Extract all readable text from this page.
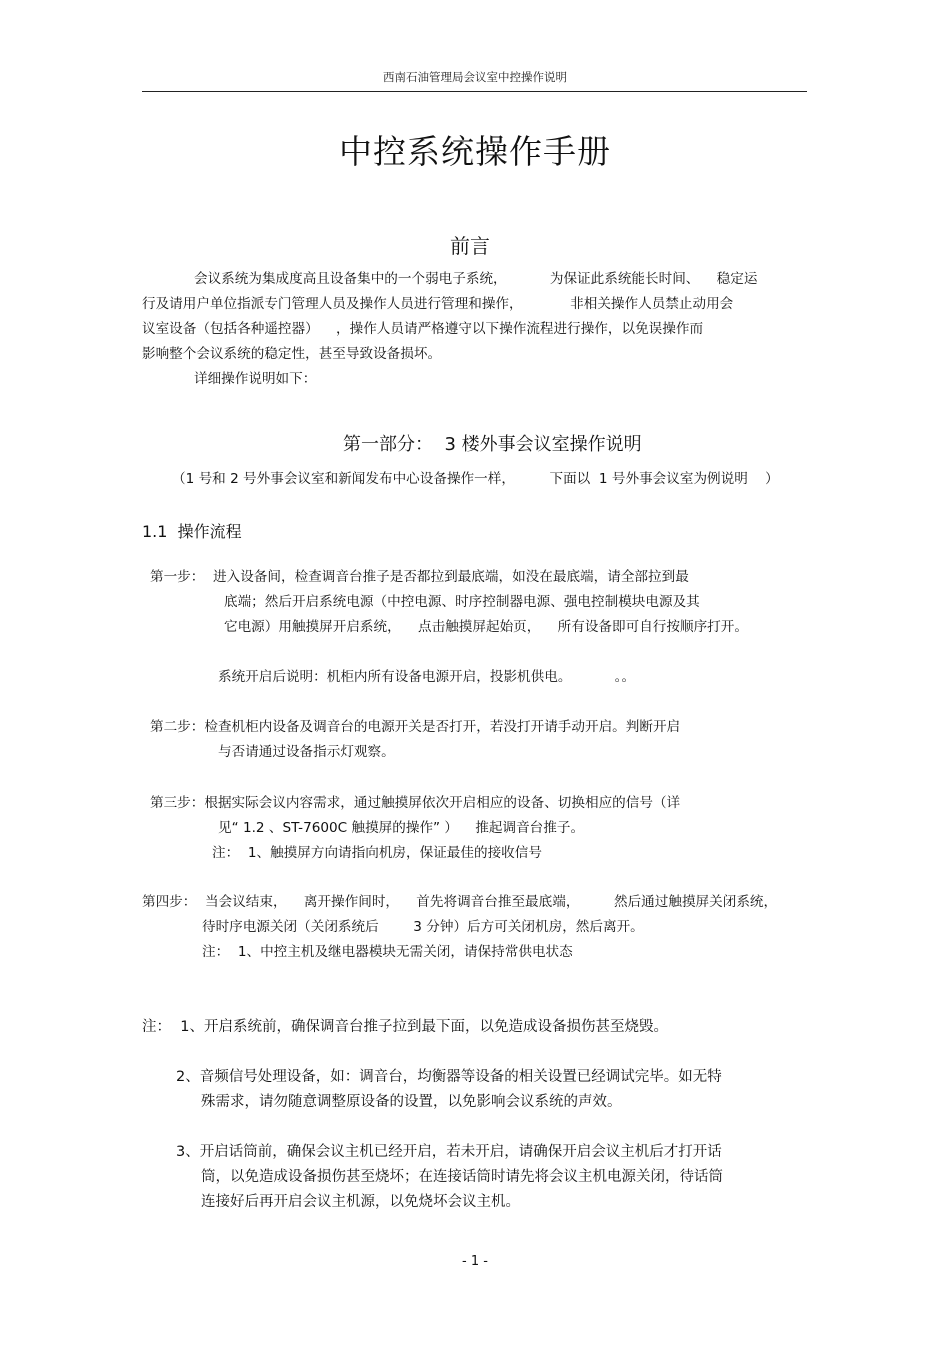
西南石油管理局会议室中控操作说明
中控系统操作手册
前言
会议系统为集成度高且设备集中的一个弱电子系统，          为保证此系统能长时间、    稳定运
行及请用户单位指派专门管理人员及操作人员进行管理和操作，           非相关操作人员禁止动用会
议室设备（包括各种遥控器）    ，操作人员请严格遵守以下操作流程进行操作，以免误操作而
影响整个会议系统的稳定性，甚至导致设备损坏。
详细操作说明如下：
第一部分：  3 楼外事会议室操作说明
（1 号和 2 号外事会议室和新闻发布中心设备操作一样，        下面以  1 号外事会议室为例说明    ）
1.1  操作流程
第一步：  进入设备间，检查调音台推子是否都拉到最底端，如没在最底端，请全部拉到最
底端；然后开启系统电源（中控电源、时序控制器电源、强电控制模块电源及其
它电源）用触摸屏开启系统，    点击触摸屏起始页，    所有设备即可自行按顺序打开。
系统开启后说明：机柜内所有设备电源开启，投影机供电。          。。
第二步：检查机柜内设备及调音台的电源开关是否打开，若没打开请手动开启。判断开启
与否请通过设备指示灯观察。
第三步：根据实际会议内容需求，通过触摸屏依次开启相应的设备、切换相应的信号（详
见“ 1.2 、ST-7600C 触摸屏的操作” ）    推起调音台推子。
注：  1、触摸屏方向请指向机房，保证最佳的接收信号
第四步：  当会议结束，    离开操作间时，    首先将调音台推至最底端，        然后通过触摸屏关闭系统，
待时序电源关闭（关闭系统后        3 分钟）后方可关闭机房，然后离开。
注：  1、中控主机及继电器模块无需关闭，请保持常供电状态
注：  1、开启系统前，确保调音台推子拉到最下面，以免造成设备损伤甚至烧毁。
2、音频信号处理设备，如：调音台，均衡器等设备的相关设置已经调试完毕。如无特
殊需求，请勿随意调整原设备的设置，以免影响会议系统的声效。
3、开启话筒前，确保会议主机已经开启，若未开启，请确保开启会议主机后才打开话
筒，以免造成设备损伤甚至烧坏；在连接话筒时请先将会议主机电源关闭，待话筒
连接好后再开启会议主机源，以免烧坏会议主机。
- 1 -
